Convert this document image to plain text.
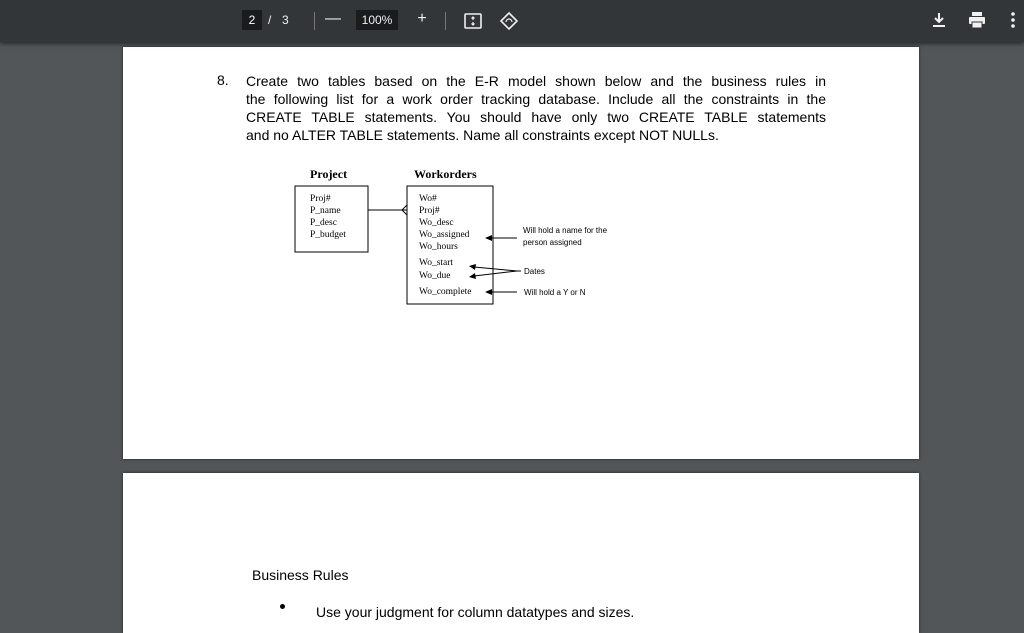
2	/ 3 —	100%	+
8. Create two tables based on the E-R model shown below and the business rules in
the following list for a work order tracking database. Include all the constraints in the
CREATE TABLE statements. You should have only two CREATE TABLE statements
and no ALTER TABLE statements. Name all constraints except NOT NULLs.
Project	Workorders
Proj#
P_name
P_desc
P_budget
Wo#
Proj#
Wo_desc
Wo_assigned
Wo_hours
Wo_start
Wo_due
Wo_complete
Will hold a name for the
person assigned
Dates
Will hold a Y or N
Business Rules
Use your judgment for column datatypes and sizes.
